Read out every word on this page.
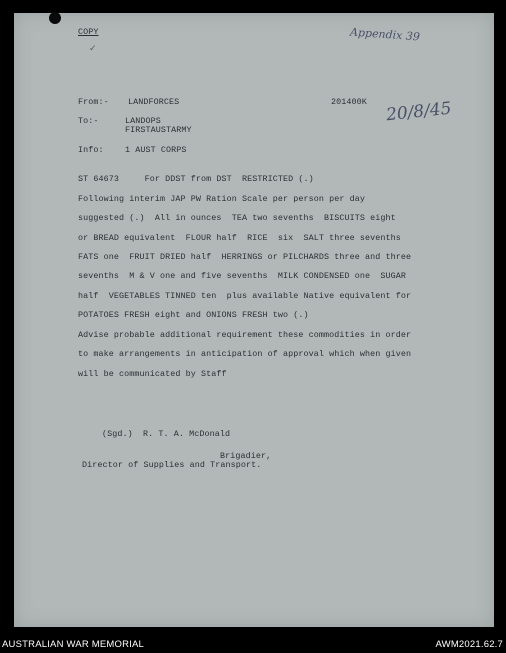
COPY
✓
Appendix 39
From:- LANDFORCES	201400K 20/8/45
To:-	LANDOPS
FIRSTAUSTARMY
Info:	1 AUST CORPS
ST 64673     For DDST from DST  RESTRICTED (.)
Following interim JAP PW Ration Scale per person per day
suggested (.)  All in ounces  TEA two sevenths  BISCUITS eight
or BREAD equivalent  FLOUR half  RICE  six  SALT three sevenths
FATS one  FRUIT DRIED half  HERRINGS or PILCHARDS three and three
sevenths  M & V one and five sevenths  MILK CONDENSED one  SUGAR
half  VEGETABLES TINNED ten  plus available Native equivalent for
POTATOES FRESH eight and ONIONS FRESH two (.)
Advise probable additional requirement these commodities in order
to make arrangements in anticipation of approval which when given
will be communicated by Staff
(Sgd.)  R. T. A. McDonald
Brigadier,
Director of Supplies and Transport.
AUSTRALIAN WAR MEMORIAL	AWM2021.62.7
